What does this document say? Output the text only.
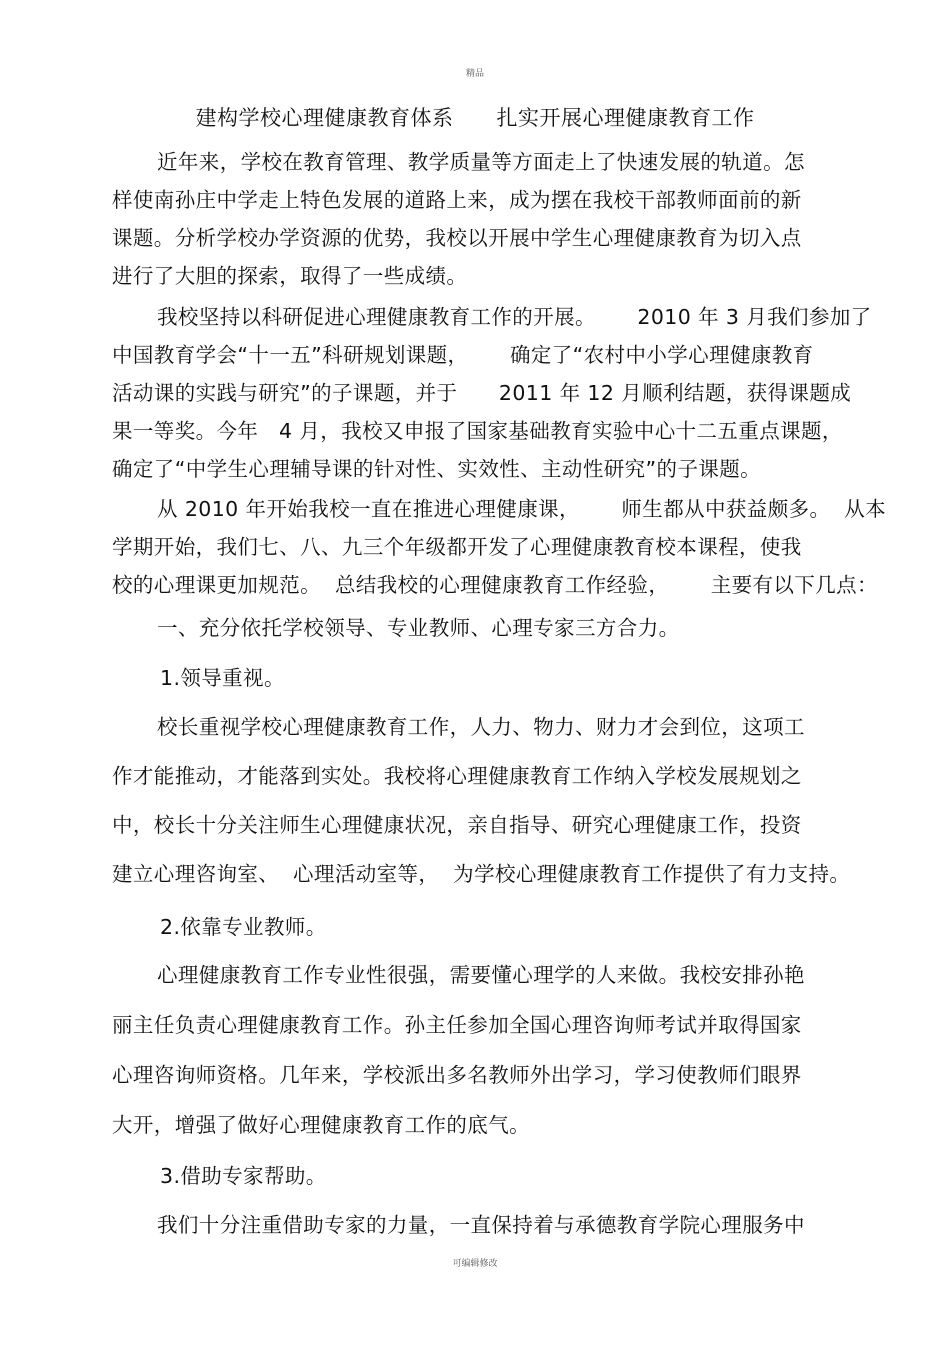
精品
建构学校心理健康教育体系      扎实开展心理健康教育工作
近年来，学校在教育管理、教学质量等方面走上了快速发展的轨道。怎
样使南孙庄中学走上特色发展的道路上来，成为摆在我校干部教师面前的新
课题。分析学校办学资源的优势，我校以开展中学生心理健康教育为切入点
进行了大胆的探索，取得了一些成绩。
我校坚持以科研促进心理健康教育工作的开展。      2010 年 3 月我们参加了
中国教育学会“十一五”科研规划课题，      确定了“农村中小学心理健康教育
活动课的实践与研究”的子课题，并于      2011 年 12 月顺利结题，获得课题成
果一等奖。今年   4 月，我校又申报了国家基础教育实验中心十二五重点课题，
确定了“中学生心理辅导课的针对性、实效性、主动性研究”的子课题。
从 2010 年开始我校一直在推进心理健康课，      师生都从中获益颇多。  从本
学期开始，我们七、八、九三个年级都开发了心理健康教育校本课程，使我
校的心理课更加规范。  总结我校的心理健康教育工作经验，      主要有以下几点：
一、充分依托学校领导、专业教师、心理专家三方合力。
1.领导重视。
校长重视学校心理健康教育工作，人力、物力、财力才会到位，这项工
作才能推动，才能落到实处。我校将心理健康教育工作纳入学校发展规划之
中，校长十分关注师生心理健康状况，亲自指导、研究心理健康工作，投资
建立心理咨询室、  心理活动室等，  为学校心理健康教育工作提供了有力支持。
2.依靠专业教师。
心理健康教育工作专业性很强，需要懂心理学的人来做。我校安排孙艳
丽主任负责心理健康教育工作。孙主任参加全国心理咨询师考试并取得国家
心理咨询师资格。几年来，学校派出多名教师外出学习，学习使教师们眼界
大开，增强了做好心理健康教育工作的底气。
3.借助专家帮助。
我们十分注重借助专家的力量，一直保持着与承德教育学院心理服务中
可编辑修改
